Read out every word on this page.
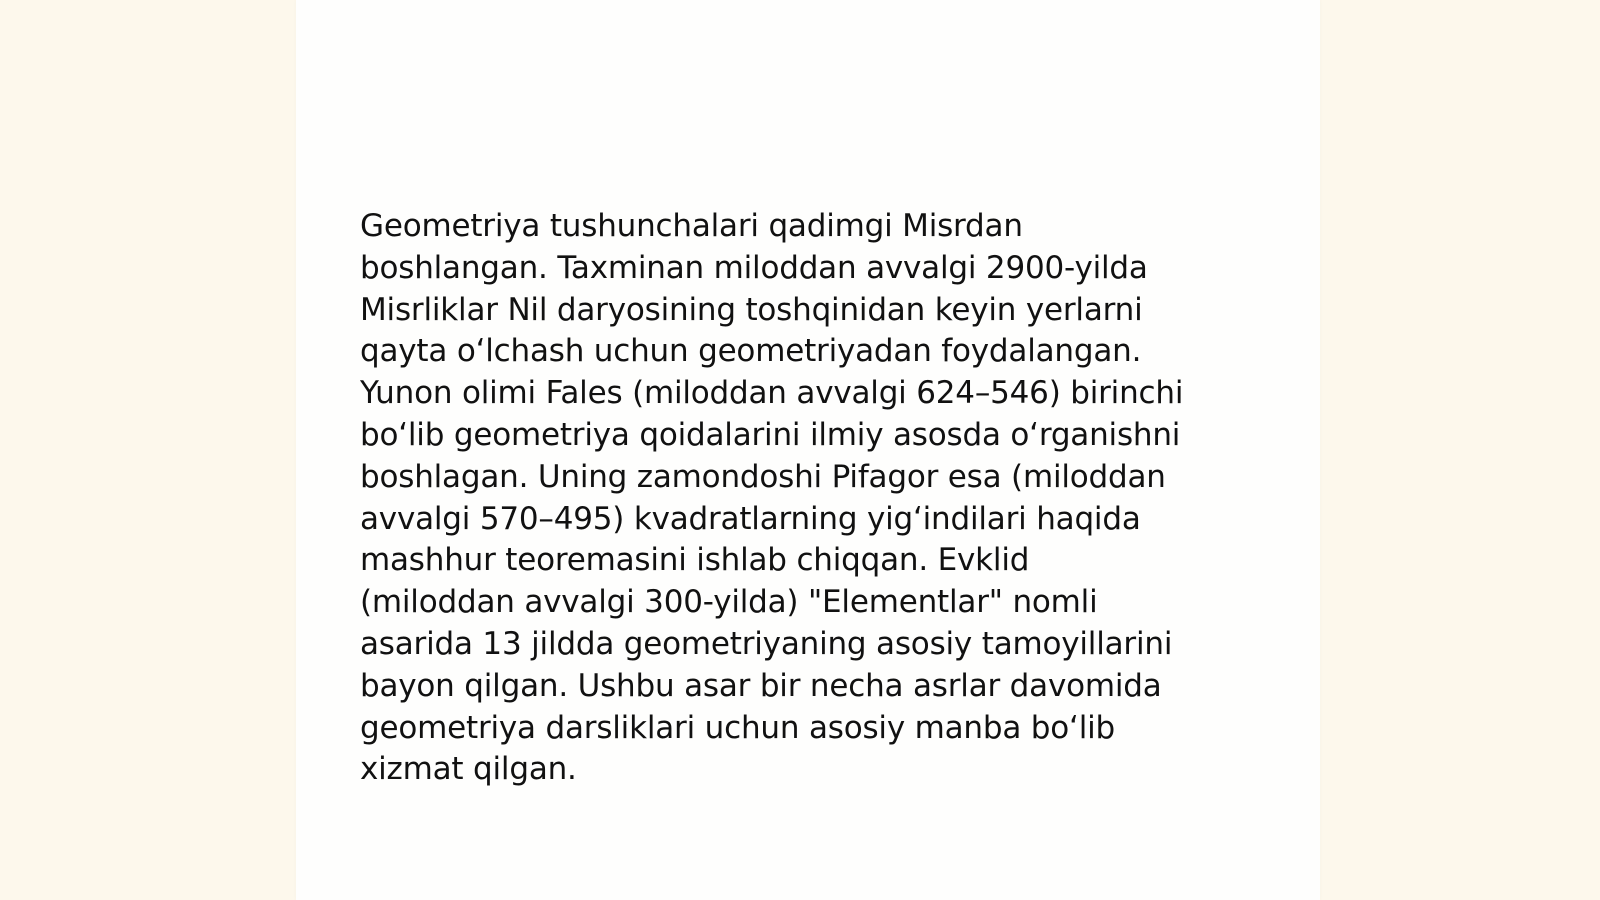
Geometriya tushunchalari qadimgi Misrdan
boshlangan. Taxminan miloddan avvalgi 2900-yilda
Misrliklar Nil daryosining toshqinidan keyin yerlarni
qayta oʻlchash uchun geometriyadan foydalangan.
Yunon olimi Fales (miloddan avvalgi 624–546) birinchi
boʻlib geometriya qoidalarini ilmiy asosda oʻrganishni
boshlagan. Uning zamondoshi Pifagor esa (miloddan
avvalgi 570–495) kvadratlarning yigʻindilari haqida
mashhur teoremasini ishlab chiqqan. Evklid
(miloddan avvalgi 300-yilda) "Elementlar" nomli
asarida 13 jildda geometriyaning asosiy tamoyillarini
bayon qilgan. Ushbu asar bir necha asrlar davomida
geometriya darsliklari uchun asosiy manba boʻlib
xizmat qilgan.
